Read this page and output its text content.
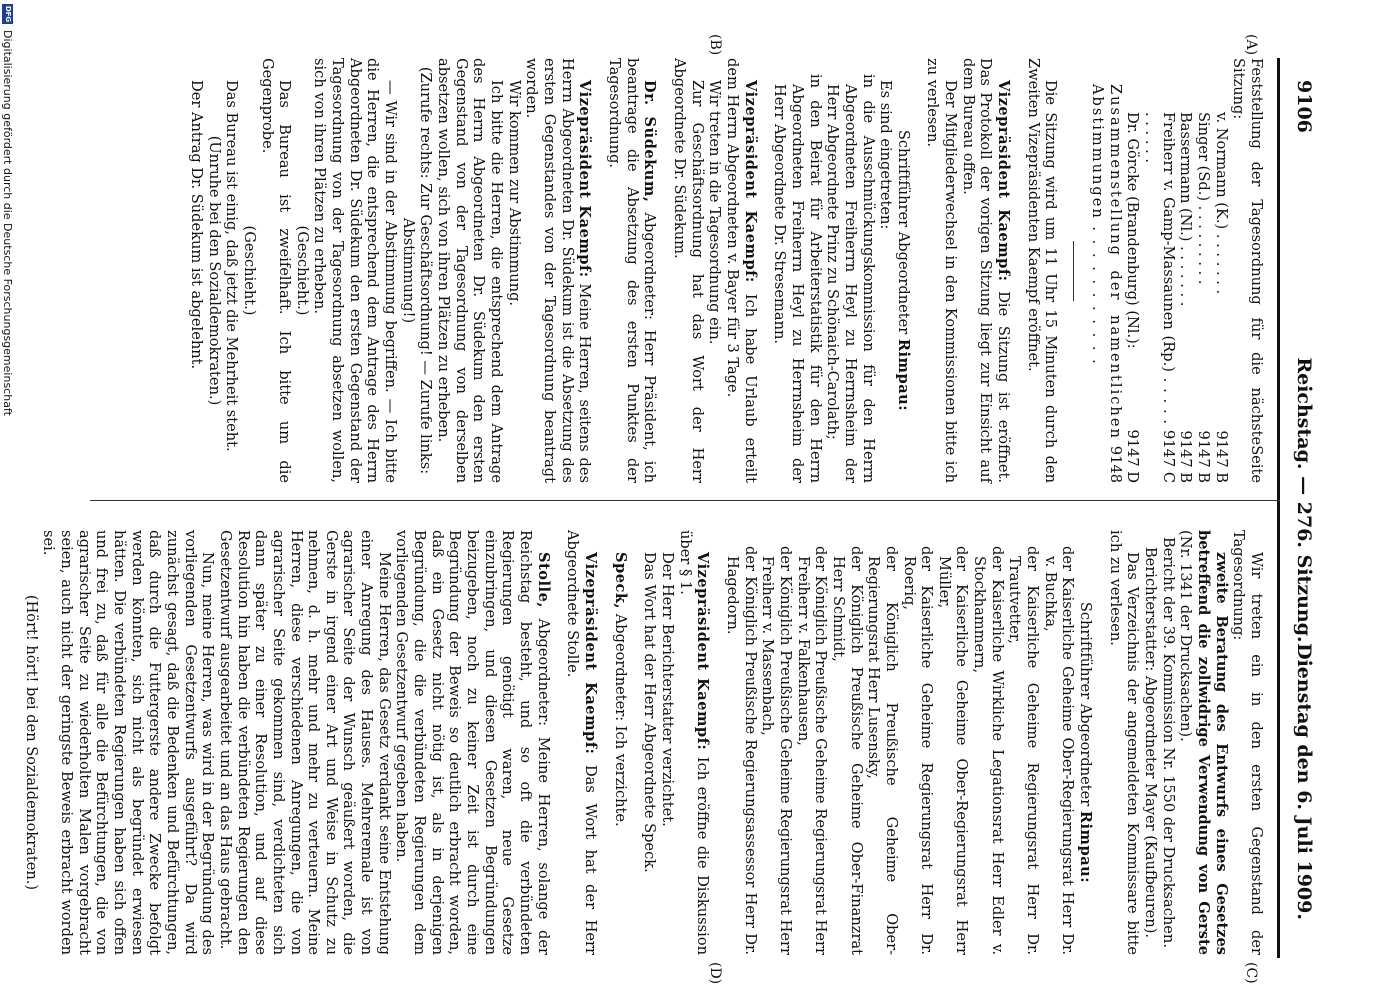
9106
Reichstag. — 276. Sitzung.
Dienstag den 6. Juli 1909.
(A)
(B)
(C)
(D)
Feststellung der Tagesordnung für die nächste Sitzung:
Seite
v. Normann (K.) . . . . . . .
9147 B
Singer (Sd.) . . . . . . . . .
9147 B
Bassermann (Nl.) . . . . . . .
9147 B
Freiherr v. Gamp-Massaunen (Rp.) . . . . . . . . . . .
9147 C
Dr. Görcke (Brandenburg) (Nl.):
9147 D
Zusammenstellung der namentlichen Abstimmungen . . . . . . . . . . .
9148

Die Sitzung wird um 11 Uhr 15 Minuten durch den Zweiten Vizepräsidenten Kaempf eröffnet.

Vizepräsident Kaempf: Die Sitzung ist eröffnet. Das Protokoll der vorigen Sitzung liegt zur Einsicht auf dem Bureau offen.

Der Mitgliederwechsel in den Kommissionen bitte ich zu verlesen.

Schriftführer Abgeordneter Rimpau:

Es sind eingetreten:

in die Ausschmückungskommission für den Herrn Abgeordneten Freiherrn Heyl zu Herrnsheim der Herr Abgeordnete Prinz zu Schönaich-Carolath;

in den Beirat für Arbeiterstatistik für den Herrn Abgeordneten Freiherrn Heyl zu Herrnsheim der Herr Abgeordnete Dr. Stresemann.

Vizepräsident Kaempf: Ich habe Urlaub erteilt dem Herrn Abgeordneten v. Bayer für 3 Tage.

Wir treten in die Tagesordnung ein.

Zur Geschäftsordnung hat das Wort der Herr Abgeordnete Dr. Südekum.

Dr. Südekum, Abgeordneter: Herr Präsident, ich beantrage die Absetzung des ersten Punktes der Tagesordnung.

Vizepräsident Kaempf: Meine Herren, seitens des Herrn Abgeordneten Dr. Südekum ist die Absetzung des ersten Gegenstandes von der Tagesordnung beantragt worden.

Wir kommen zur Abstimmung.

Ich bitte die Herren, die entsprechend dem Antrage des Herrn Abgeordneten Dr. Südekum den ersten Gegenstand von der Tagesordnung von derselben absetzen wollen, sich von ihren Plätzen zu erheben.

(Zurufe rechts: Zur Geschäftsordnung! — Zurufe links: Abstimmung!)

— Wir sind in der Abstimmung begriffen. — Ich bitte die Herren, die entsprechend dem Antrage des Herrn Abgeordneten Dr. Südekum den ersten Gegenstand der Tagesordnung von der Tagesordnung absetzen wollen, sich von ihren Plätzen zu erheben.

(Geschieht.)

Das Bureau ist zweifelhaft. Ich bitte um die Gegenprobe.

(Geschieht.)

Das Bureau ist einig, daß jetzt die Mehrheit steht.

(Unruhe bei den Sozialdemokraten.)

Der Antrag Dr. Südekum ist abgelehnt.

Wir treten ein in den ersten Gegenstand der Tagesordnung:

zweite Beratung des Entwurfs eines Gesetzes betreffend die zollwidrige Verwendung von Gerste (Nr. 1341 der Drucksachen).

Bericht der 39. Kommission Nr. 1550 der Drucksachen.

Berichterstatter: Abgeordneter Mayer (Kaufbeuren).

Das Verzeichnis der angemeldeten Kommissare bitte ich zu verlesen.

Schriftführer Abgeordneter Rimpau:

der Kaiserliche Geheime Ober-Regierungsrat Herr Dr. v. Buchka,

der Kaiserliche Geheime Regierungsrat Herr Dr. Trautvetter,

der Kaiserliche Wirkliche Legationsrat Herr Edler v. Stockhammern,

der Kaiserliche Geheime Ober-Regierungsrat Herr Müller,

der Kaiserliche Geheime Regierungsrat Herr Dr. Roeriq,

der Königlich Preußische Geheime Ober-Regierungsrat Herr Lusensky,

der Königlich Preußische Geheime Ober-Finanzrat Herr Schmidt,

der Königlich Preußische Geheime Regierungsrat Herr Freiherr v. Falkenhausen,

der Königlich Preußische Geheime Regierungsrat Herr Freiherr v. Massenbach,

der Königlich Preußische Regierungsassessor Herr Dr. Hagedorn.

Vizepräsident Kaempf: Ich eröffne die Diskussion über § 1.

Der Herr Berichterstatter verzichtet.

Das Wort hat der Herr Abgeordnete Speck.

Speck, Abgeordneter: Ich verzichte.

Vizepräsident Kaempf: Das Wort hat der Herr Abgeordnete Stolle.

Stolle, Abgeordneter: Meine Herren, solange der Reichstag besteht, und so oft die verbündeten Regierungen genötigt waren, neue Gesetze einzubringen, und diesen Gesetzen Begründungen beizugeben, noch zu keiner Zeit ist durch eine Begründung der Beweis so deutlich erbracht worden, daß ein Gesetz nicht nötig ist, als in derjenigen Begründung, die die verbündeten Regierungen dem vorliegenden Gesetzentwurf gegeben haben.

Meine Herren, das Gesetz verdankt seine Entstehung einer Anregung des Hauses. Mehreremale ist von agrarischer Seite der Wunsch geäußert worden, die Gerste in irgend einer Art und Weise in Schutz zu nehmen, d. h. mehr und mehr zu verteuern. Meine Herren, diese verschiedenen Anregungen, die von agrarischer Seite gekommen sind, verdichteten sich dann später zu einer Resolution, und auf diese Resolution hin haben die verbündeten Regierungen den Gesetzentwurf ausgearbeitet und an das Haus gebracht.

Nun, meine Herren, was wird in der Begründung des vorliegenden Gesetzentwurfs ausgeführt? Da wird zunächst gesagt, daß die Bedenken und Befürchtungen, daß durch die Futtergerste andere Zwecke befolgt werden könnten, sich nicht als begründet erwiesen hätten. Die verbündeten Regierungen haben sich offen und frei zu, daß für alle die Befürchtungen, die von agrarischer Seite zu wiederholten Malen vorgebracht seien, auch nicht der geringste Beweis erbracht worden sei.

(Hört! hört! bei den Sozialdemokraten.)

DFG
Digitalisierung gefördert durch die Deutsche Forschungsgemeinschaft
